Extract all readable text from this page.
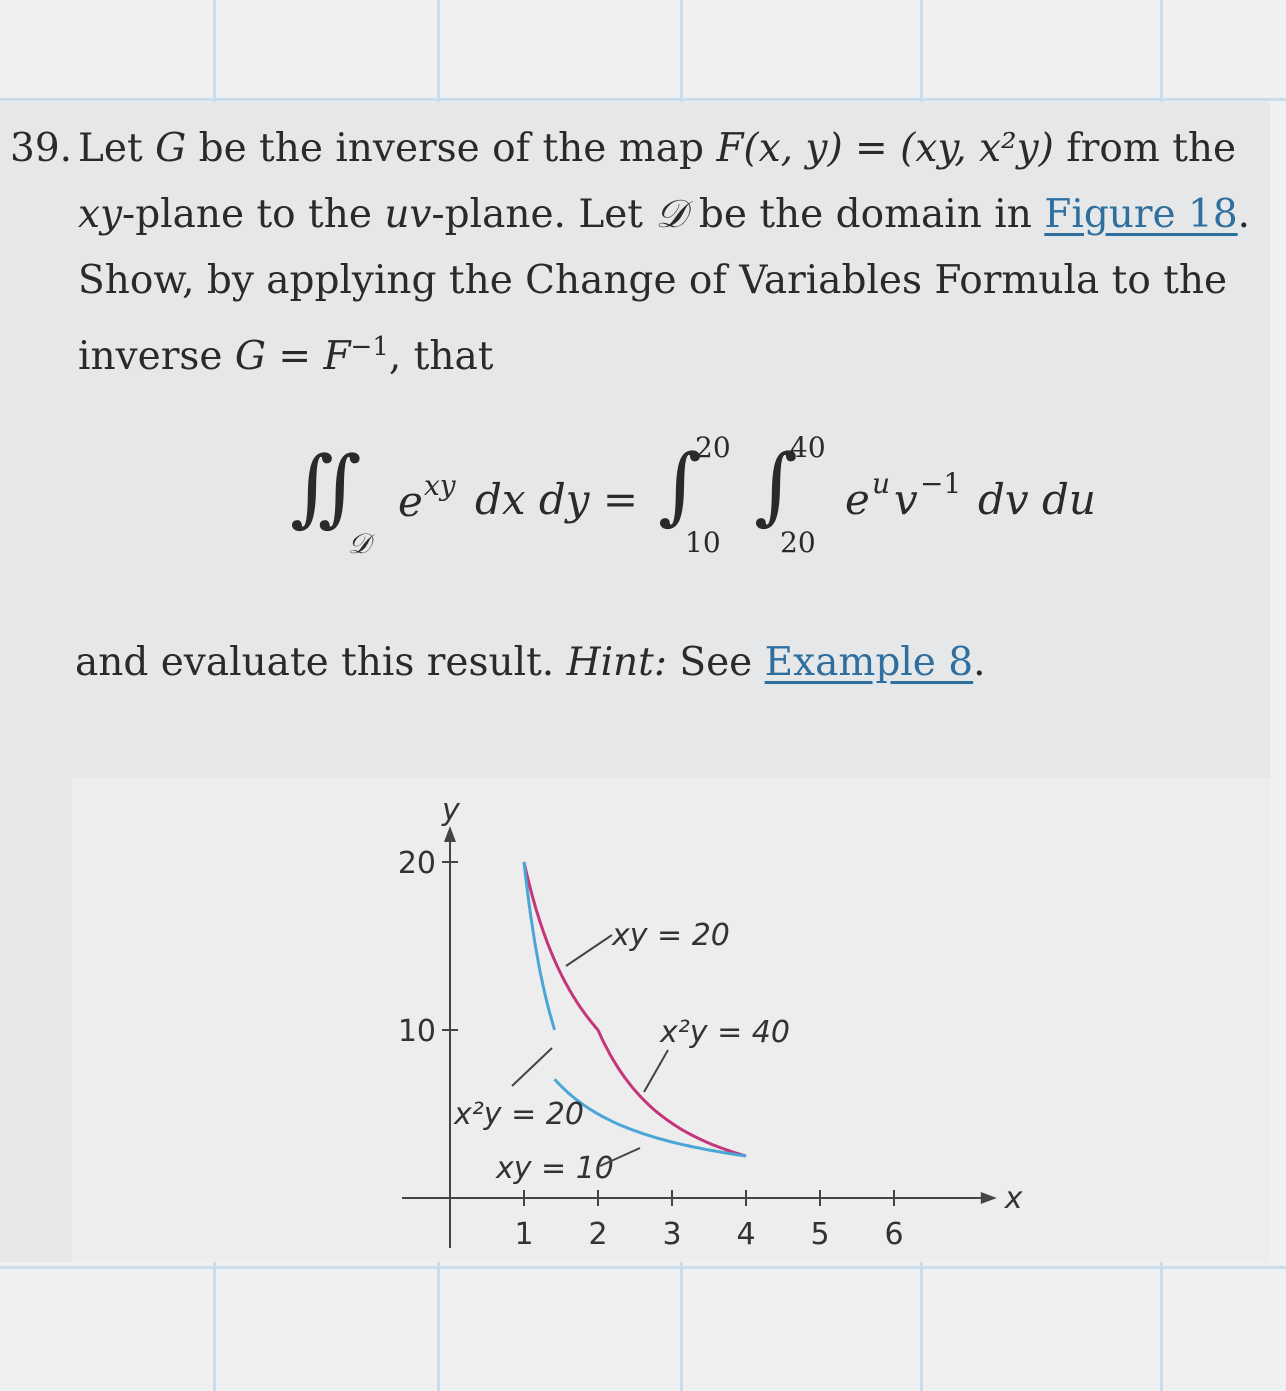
39. Let G be the inverse of the map F(x, y) = (xy, x²y) from the
xy-plane to the uv-plane. Let 𝒟 be the domain in Figure 18.
Show, by applying the Change of Variables Formula to the
inverse $G = F^{-1}$, that
∬
𝒟
e xy dx dy = ∫
20
10
∫
40
20
e u v −1 dv du
and evaluate this result. Hint: See Example 8.
x
y
1 2 3 4 5 6
10
20
xy = 20
x²y = 40
x²y = 20
xy = 10
